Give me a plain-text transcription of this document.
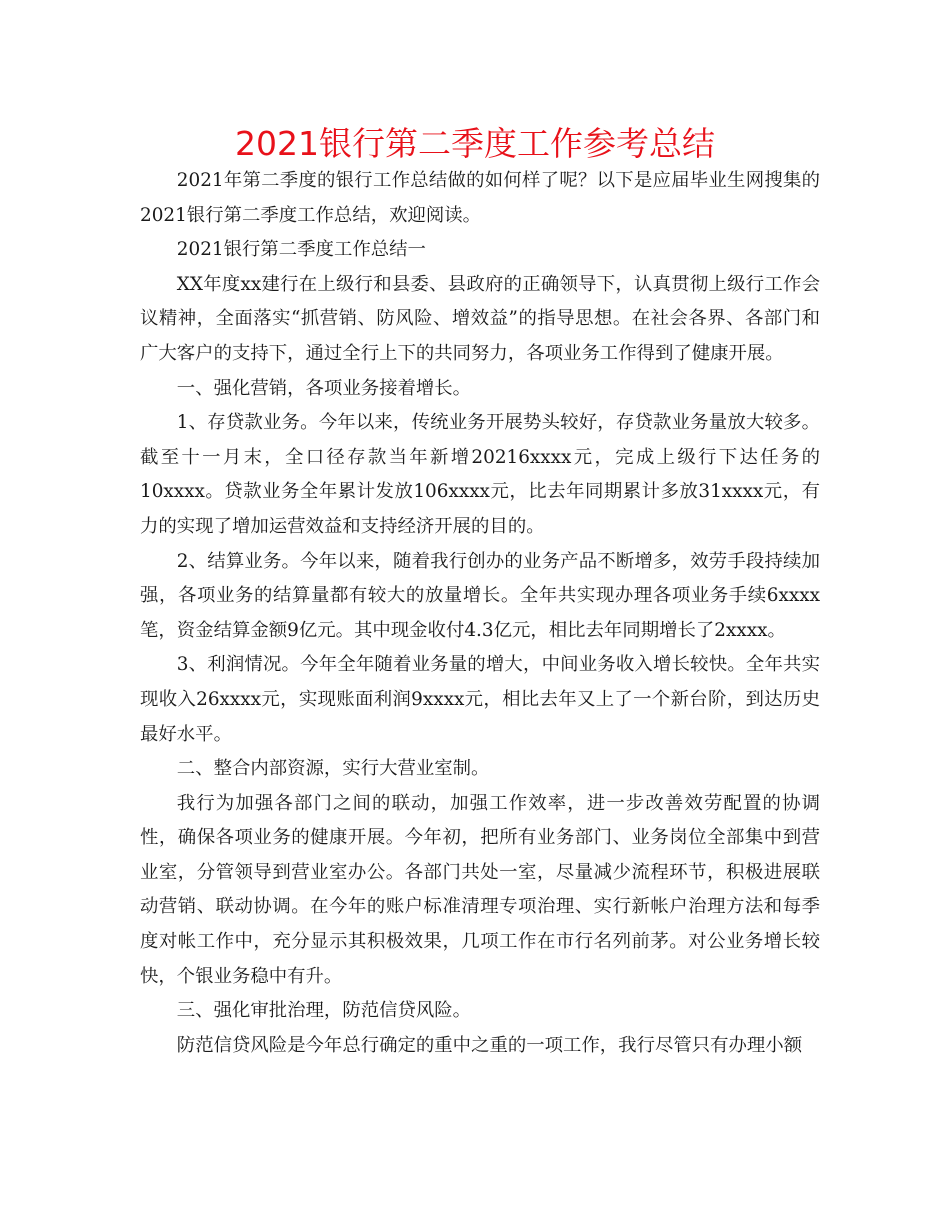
2021银行第二季度工作参考总结

2021年第二季度的银行工作总结做的如何样了呢？以下是应届毕业生网搜集的2021银行第二季度工作总结，欢迎阅读。

2021银行第二季度工作总结一

XX年度xx建行在上级行和县委、县政府的正确领导下，认真贯彻上级行工作会议精神，全面落实“抓营销、防风险、增效益”的指导思想。在社会各界、各部门和广大客户的支持下，通过全行上下的共同努力，各项业务工作得到了健康开展。

一、强化营销，各项业务接着增长。

1、存贷款业务。今年以来，传统业务开展势头较好，存贷款业务量放大较多。截至十一月末，全口径存款当年新增20216xxxx元，完成上级行下达任务的10xxxx。贷款业务全年累计发放106xxxx元，比去年同期累计多放31xxxx元，有力的实现了增加运营效益和支持经济开展的目的。

2、结算业务。今年以来，随着我行创办的业务产品不断增多，效劳手段持续加强，各项业务的结算量都有较大的放量增长。全年共实现办理各项业务手续6xxxx笔，资金结算金额9亿元。其中现金收付4.3亿元，相比去年同期增长了2xxxx。

3、利润情况。今年全年随着业务量的增大，中间业务收入增长较快。全年共实现收入26xxxx元，实现账面利润9xxxx元，相比去年又上了一个新台阶，到达历史最好水平。

二、整合内部资源，实行大营业室制。

我行为加强各部门之间的联动，加强工作效率，进一步改善效劳配置的协调性，确保各项业务的健康开展。今年初，把所有业务部门、业务岗位全部集中到营业室，分管领导到营业室办公。各部门共处一室，尽量减少流程环节，积极进展联动营销、联动协调。在今年的账户标准清理专项治理、实行新帐户治理方法和每季度对帐工作中，充分显示其积极效果，几项工作在市行名列前茅。对公业务增长较快，个银业务稳中有升。

三、强化审批治理，防范信贷风险。

防范信贷风险是今年总行确定的重中之重的一项工作，我行尽管只有办理小额
